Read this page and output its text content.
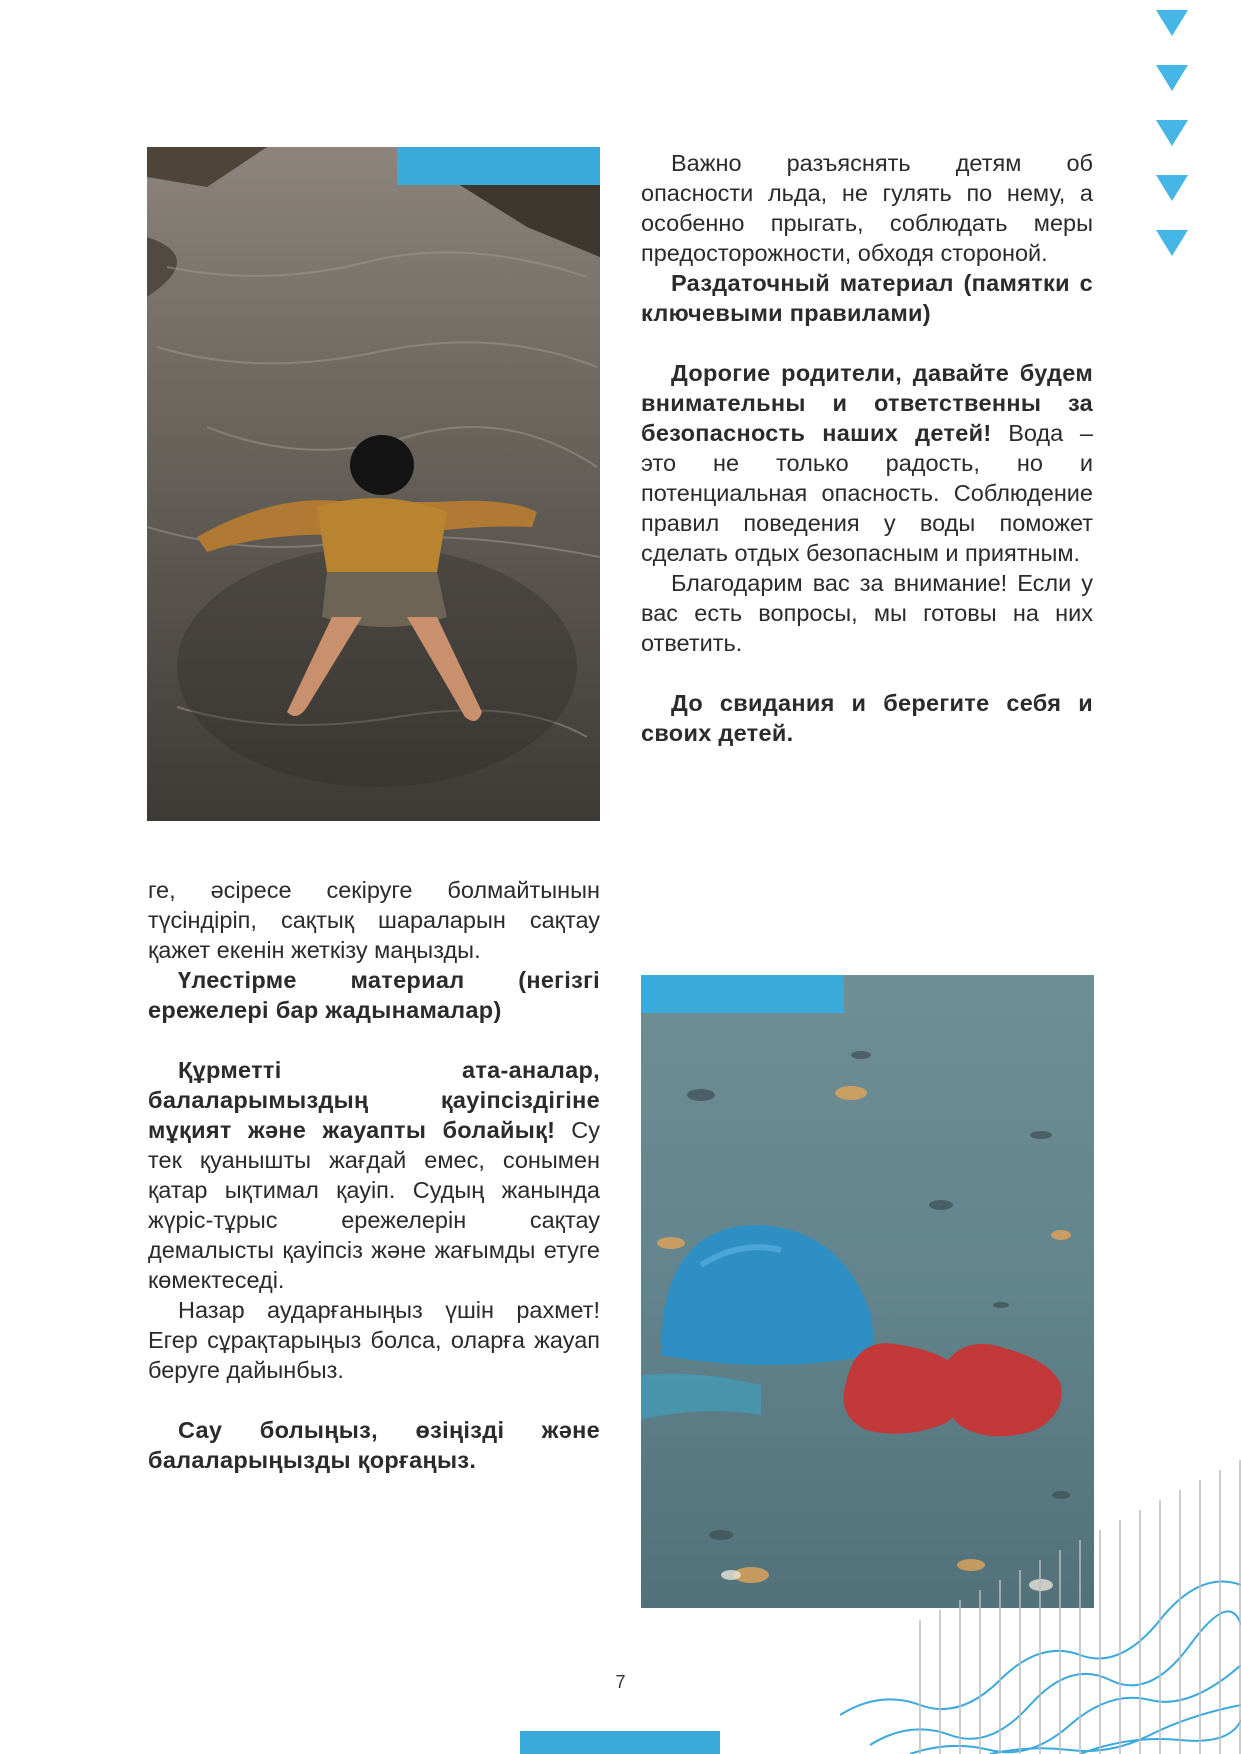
Важно разъяснять детям об опасности льда, не гулять по нему, а особенно прыгать, соблюдать меры предосторожности, обходя стороной.

Раздаточный материал (памятки с ключевыми правилами)

Дорогие родители, давайте будем внимательны и ответственны за безопасность наших детей! Вода – это не только радость, но и потенциальная опасность. Соблюдение правил поведения у воды поможет сделать отдых безопасным и приятным.

Благодарим вас за внимание! Если у вас есть вопросы, мы готовы на них ответить.

До свидания и берегите себя и своих детей.

ге, әсіресе секіруге болмайтынын түсіндіріп, сақтық шараларын сақтау қажет екенін жеткізу маңызды.

Үлестірме материал (негізгі ережелері бар жадынамалар)

Құрметті ата-аналар, балаларымыздың қауіпсіздігіне мұқият және жауапты болайық! Су тек қуанышты жағдай емес, сонымен қатар ықтимал қауіп. Судың жанында жүріс-тұрыс ережелерін сақтау демалысты қауіпсіз және жағымды етуге көмектеседі.

Назар аударғаныңыз үшін рахмет! Егер сұрақтарыңыз болса, оларға жауап беруге дайынбыз.

Сау болыңыз, өзіңізді және балаларыңызды қорғаңыз.

7
